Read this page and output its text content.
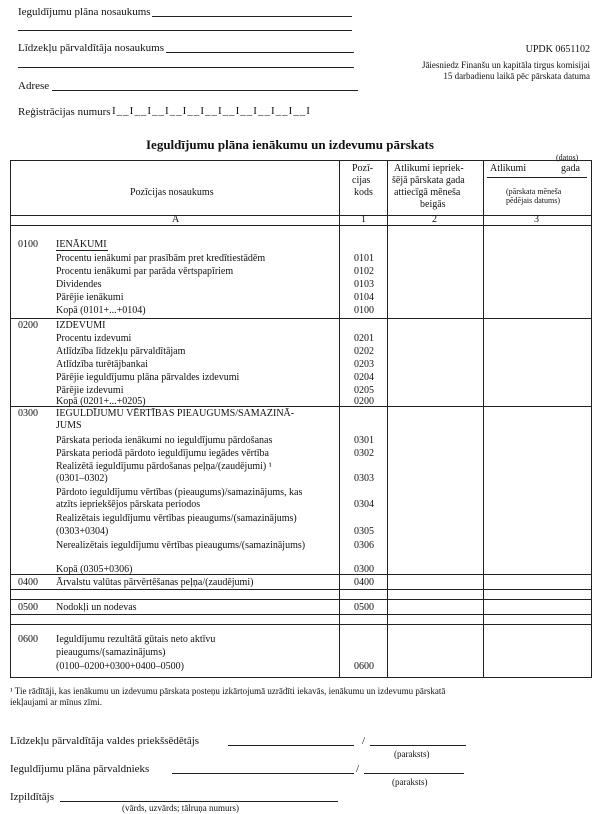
Ieguldījumu plāna nosaukums
Līdzekļu pārvaldītāja nosaukums
Adrese
Reģistrācijas numurs I__I__I__I__I__I__I__I__I__I__I__I
UPDK 0651102
Jāiesniedz Finanšu un kapitāla tirgus komisijai
15 darbadienu laikā pēc pārskata datuma
Ieguldījumu plāna ienākumu un izdevumu pārskats
(datos)
Pozīcijas nosaukums
Pozī-
cijas
kods
Atlikumi iepriek-
šējā pārskata gada
attiecīgā mēneša
beigās
Atlikumi	gada
(pārskata mēneša
pēdējais datums)
A	1	2	3
0100 IENĀKUMI
Procentu ienākumi par prasībām pret kredītiestādēm	0101
Procentu ienākumi par parāda vērtspapīriem	0102
Dividendes	0103
Pārējie ienākumi	0104
Kopā (0101+...+0104)	0100
0200 IZDEVUMI
Procentu izdevumi	0201
Atlīdzība līdzekļu pārvaldītājam	0202
Atlīdzība turētājbankai	0203
Pārējie ieguldījumu plāna pārvaldes izdevumi	0204
Pārējie izdevumi	0205
Kopā (0201+...+0205)	0200
0300 IEGULDĪJUMU VĒRTĪBAS PIEAUGUMS/SAMAZINĀ-
JUMS
Pārskata perioda ienākumi no ieguldījumu pārdošanas	0301
Pārskata periodā pārdoto ieguldījumu iegādes vērtība	0302
Realizētā ieguldījumu pārdošanas peļņa/(zaudējumi) ¹
(0301–0302)	0303
Pārdoto ieguldījumu vērtības (pieaugums)/samazinājums, kas
atzīts iepriekšējos pārskata periodos	0304
Realizētais ieguldījumu vērtības pieaugums/(samazinājums)
(0303+0304)	0305
Nerealizētais ieguldījumu vērtības pieaugums/(samazinājums)	0306
Kopā (0305+0306)	0300
0400 Ārvalstu valūtas pārvērtēšanas peļņa/(zaudējumi)	0400
0500 Nodokļi un nodevas	0500
0600 Ieguldījumu rezultātā gūtais neto aktīvu
pieaugums/(samazinājums)
(0100–0200+0300+0400–0500)	0600
¹ Tie rādītāji, kas ienākumu un izdevumu pārskata posteņu izkārtojumā uzrādīti iekavās, ienākumu un izdevumu pārskatā
iekļaujami ar mīnus zīmi.
Līdzekļu pārvaldītāja valdes priekšsēdētājs	/
(paraksts)
Ieguldījumu plāna pārvaldnieks	/
(paraksts)
Izpildītājs
(vārds, uzvārds; tālruņa numurs)
